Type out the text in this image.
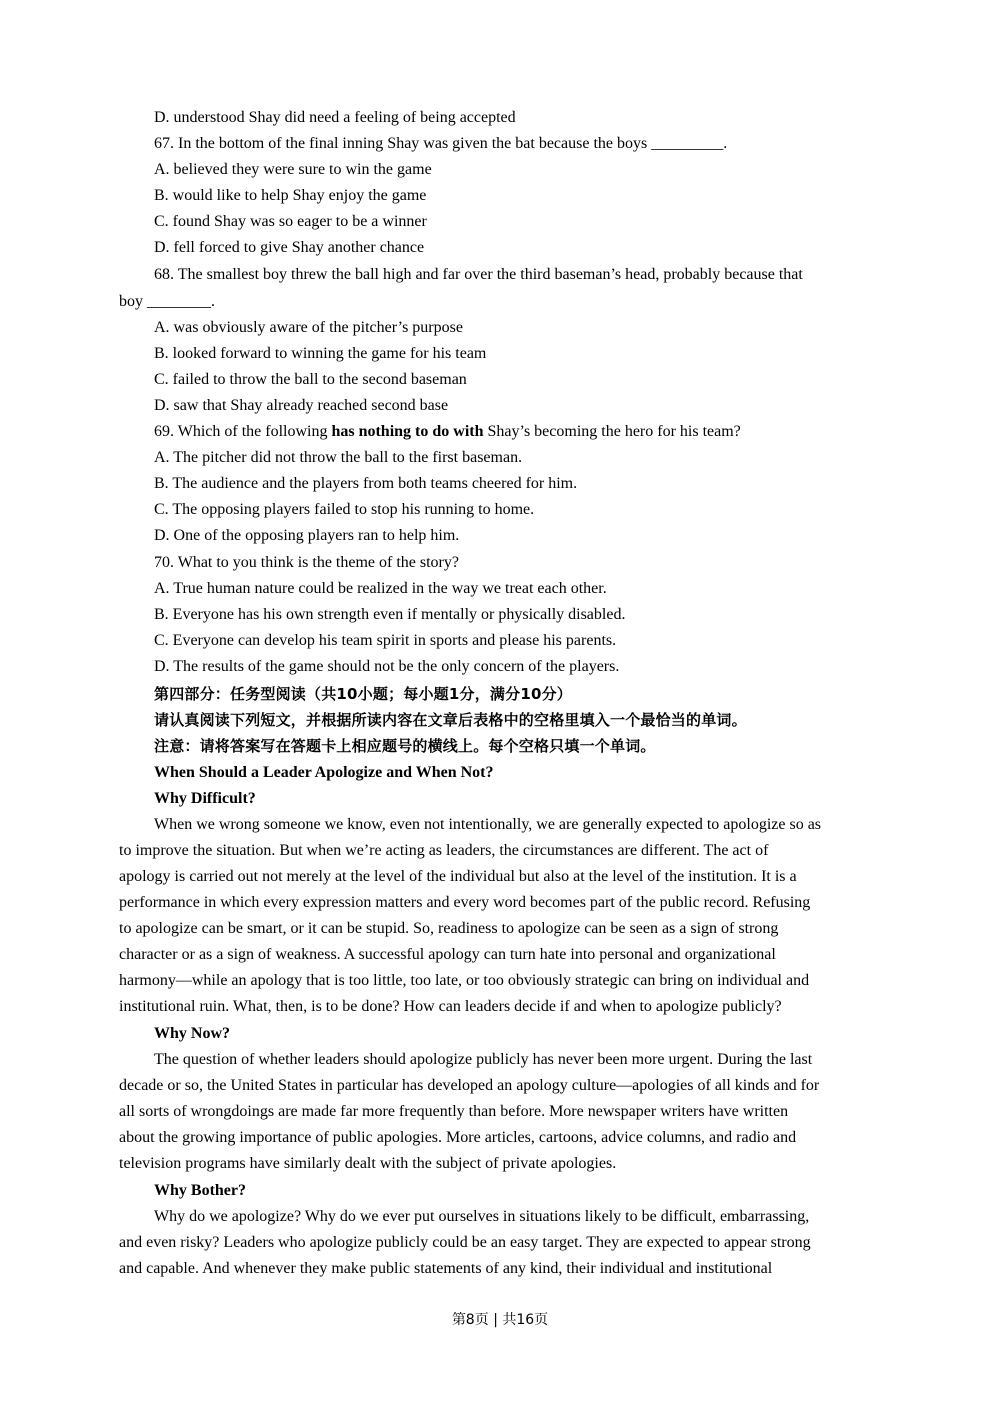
D. understood Shay did need a feeling of being accepted
67. In the bottom of the final inning Shay was given the bat because the boys _________.
A. believed they were sure to win the game
B. would like to help Shay enjoy the game
C. found Shay was so eager to be a winner
D. fell forced to give Shay another chance
68. The smallest boy threw the ball high and far over the third baseman’s head, probably because that
boy ________.
A. was obviously aware of the pitcher’s purpose
B. looked forward to winning the game for his team
C. failed to throw the ball to the second baseman
D. saw that Shay already reached second base
69. Which of the following has nothing to do with Shay’s becoming the hero for his team?
A. The pitcher did not throw the ball to the first baseman.
B. The audience and the players from both teams cheered for him.
C. The opposing players failed to stop his running to home.
D. One of the opposing players ran to help him.
70. What to you think is the theme of the story?
A. True human nature could be realized in the way we treat each other.
B. Everyone has his own strength even if mentally or physically disabled.
C. Everyone can develop his team spirit in sports and please his parents.
D. The results of the game should not be the only concern of the players.
第四部分：任务型阅读（共10小题；每小题1分，满分10分）
请认真阅读下列短文，并根据所读内容在文章后表格中的空格里填入一个最恰当的单词。
注意：请将答案写在答题卡上相应题号的横线上。每个空格只填一个单词。
When Should a Leader Apologize and When Not?
Why Difficult?
When we wrong someone we know, even not intentionally, we are generally expected to apologize so as
to improve the situation. But when we’re acting as leaders, the circumstances are different. The act of
apology is carried out not merely at the level of the individual but also at the level of the institution. It is a
performance in which every expression matters and every word becomes part of the public record. Refusing
to apologize can be smart, or it can be stupid. So, readiness to apologize can be seen as a sign of strong
character or as a sign of weakness. A successful apology can turn hate into personal and organizational
harmony—while an apology that is too little, too late, or too obviously strategic can bring on individual and
institutional ruin. What, then, is to be done? How can leaders decide if and when to apologize publicly?
Why Now?
The question of whether leaders should apologize publicly has never been more urgent. During the last
decade or so, the United States in particular has developed an apology culture—apologies of all kinds and for
all sorts of wrongdoings are made far more frequently than before. More newspaper writers have written
about the growing importance of public apologies. More articles, cartoons, advice columns, and radio and
television programs have similarly dealt with the subject of private apologies.
Why Bother?
Why do we apologize? Why do we ever put ourselves in situations likely to be difficult, embarrassing,
and even risky? Leaders who apologize publicly could be an easy target. They are expected to appear strong
and capable. And whenever they make public statements of any kind, their individual and institutional
第8页 | 共16页
